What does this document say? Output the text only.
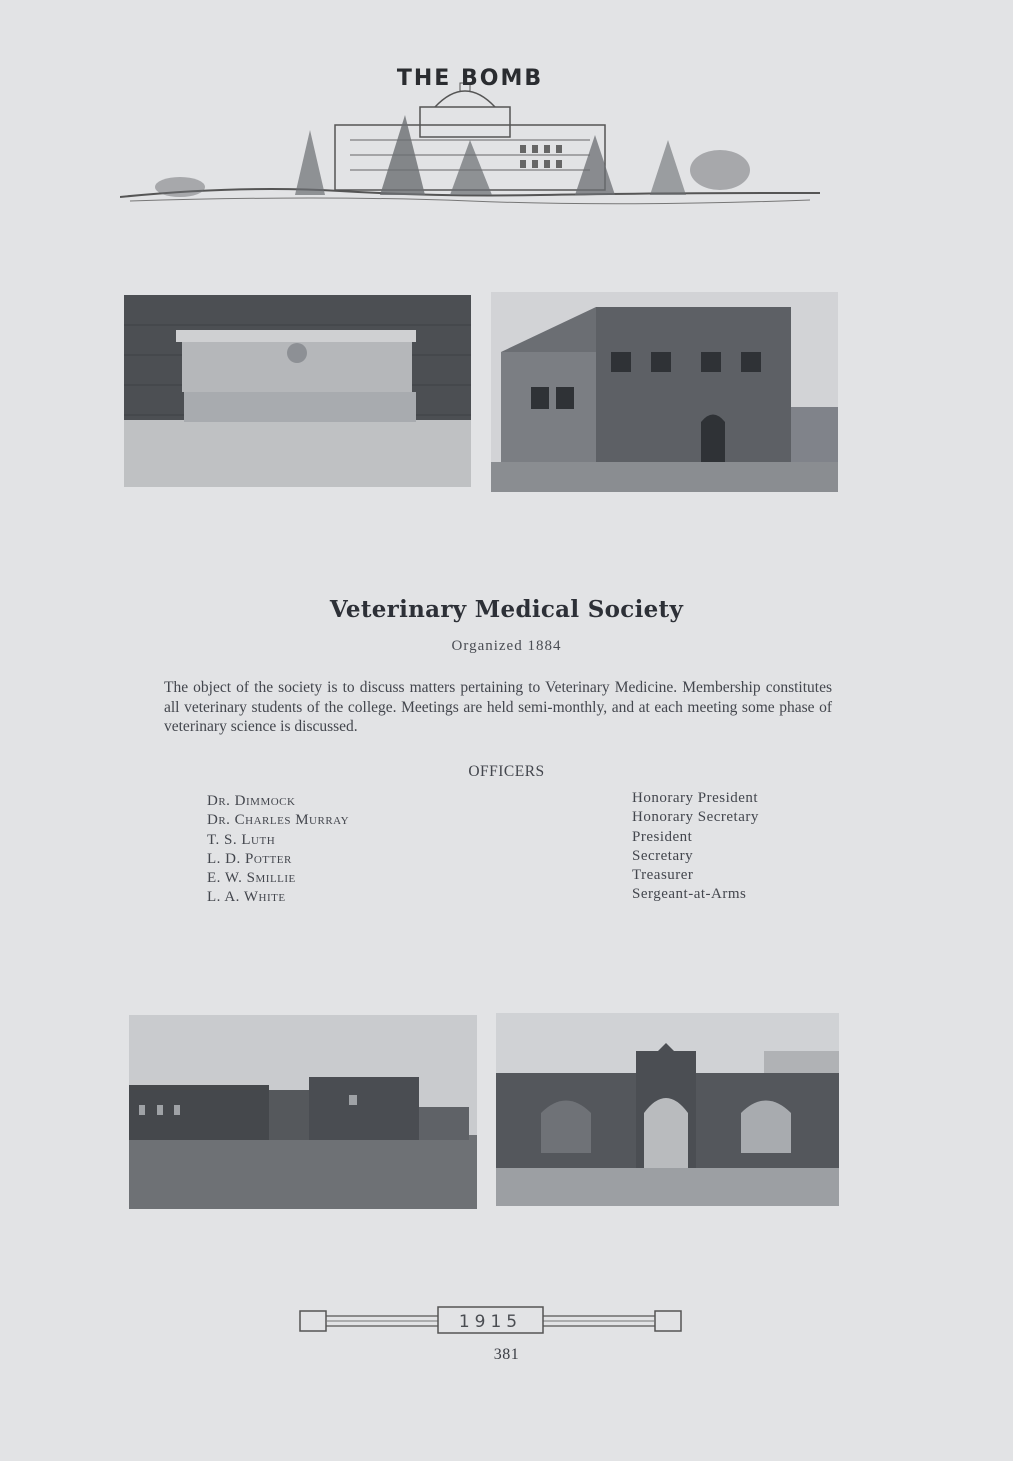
THE BOMB
Veterinary Medical Society
Organized 1884
The object of the society is to discuss matters pertaining to Veterinary Medicine. Membership constitutes all veterinary students of the college. Meetings are held semi-monthly, and at each meeting some phase of veterinary science is discussed.
OFFICERS
Dr. Dimmock
Dr. Charles Murray
T. S. Luth
L. D. Potter
E. W. Smillie
L. A. White
Honorary President
Honorary Secretary
President
Secretary
Treasurer
Sergeant-at-Arms
1915
381
